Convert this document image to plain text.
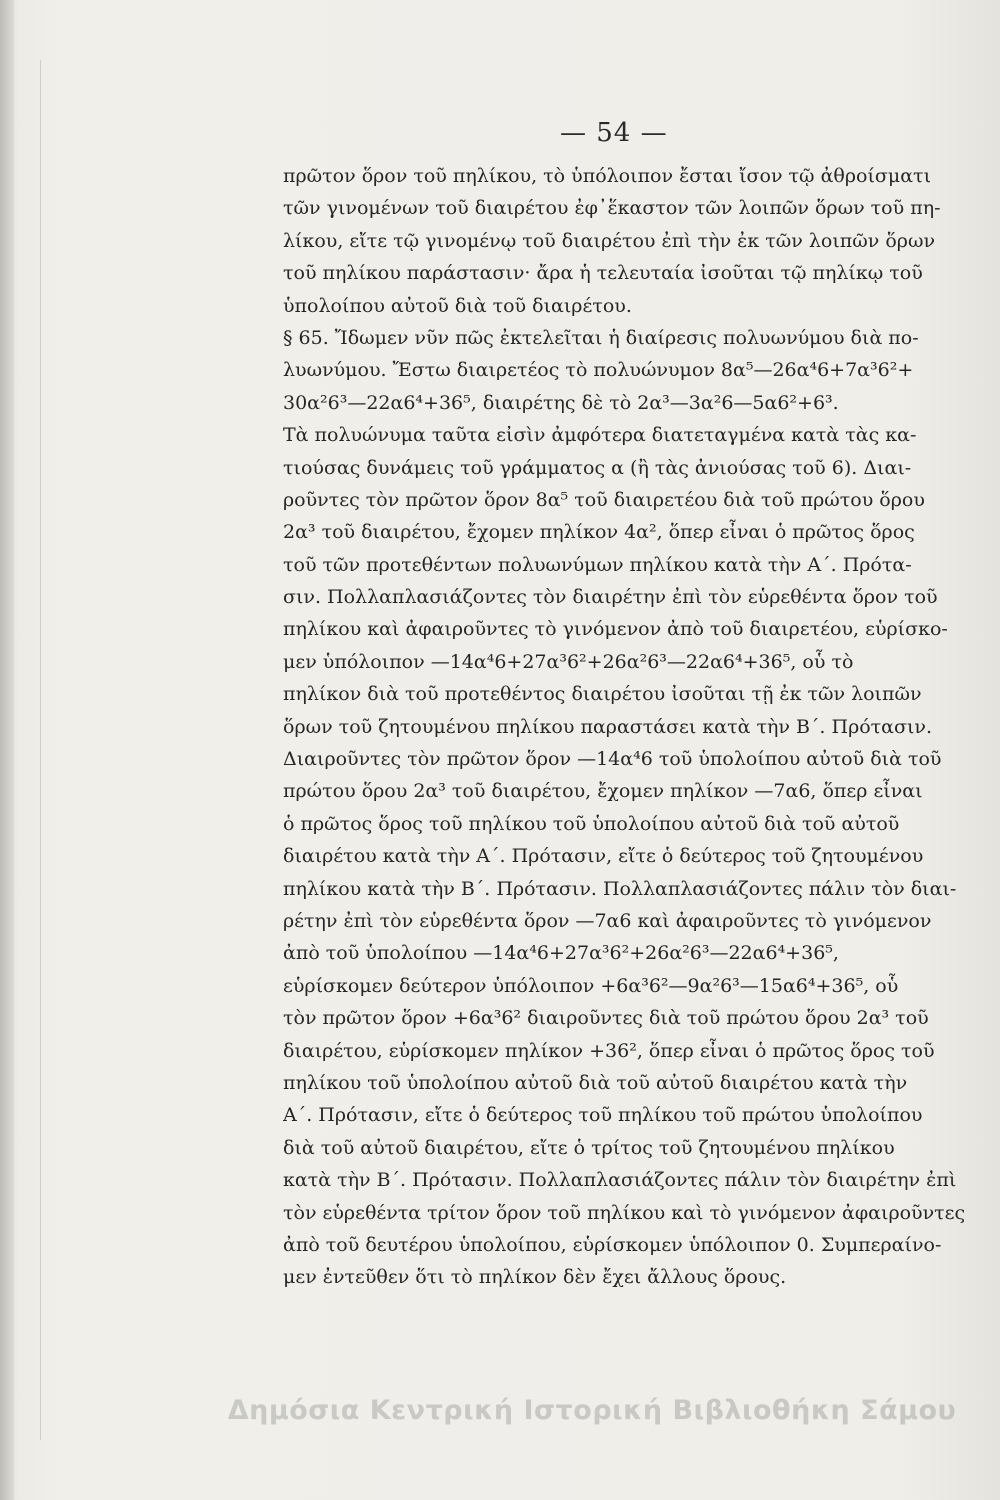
— 54 —
πρῶτον ὅρον τοῦ πηλίκου, τὸ ὑπόλοιπον ἔσται ἴσον τῷ ἀθροίσματι
τῶν γινομένων τοῦ διαιρέτου ἐφ᾽ἕκαστον τῶν λοιπῶν ὅρων τοῦ πη-
λίκου, εἴτε τῷ γινομένῳ τοῦ διαιρέτου ἐπὶ τὴν ἐκ τῶν λοιπῶν ὅρων
τοῦ πηλίκου παράστασιν· ἄρα ἡ τελευταία ἰσοῦται τῷ πηλίκῳ τοῦ
ὑπολοίπου αὐτοῦ διὰ τοῦ διαιρέτου.
§ 65. Ἴδωμεν νῦν πῶς ἐκτελεῖται ἡ διαίρεσις πολυωνύμου διὰ πο-
λυωνύμου. Ἔστω διαιρετέος τὸ πολυώνυμον 8α⁵—26α⁴6+7α³6²+
30α²6³—22α6⁴+36⁵, διαιρέτης δὲ τὸ 2α³—3α²6—5α6²+6³.
Τὰ πολυώνυμα ταῦτα εἰσὶν ἀμφότερα διατεταγμένα κατὰ τὰς κα-
τιούσας δυνάμεις τοῦ γράμματος α (ἢ τὰς ἀνιούσας τοῦ 6). Διαι-
ροῦντες τὸν πρῶτον ὅρον 8α⁵ τοῦ διαιρετέου διὰ τοῦ πρώτου ὅρου
2α³ τοῦ διαιρέτου, ἔχομεν πηλίκον 4α², ὅπερ εἶναι ὁ πρῶτος ὅρος
τοῦ τῶν προτεθέντων πολυωνύμων πηλίκου κατὰ τὴν Α΄. Πρότα-
σιν. Πολλαπλασιάζοντες τὸν διαιρέτην ἐπὶ τὸν εὑρεθέντα ὅρον τοῦ
πηλίκου καὶ ἀφαιροῦντες τὸ γινόμενον ἀπὸ τοῦ διαιρετέου, εὑρίσκο-
μεν ὑπόλοιπον —14α⁴6+27α³6²+26α²6³—22α6⁴+36⁵, οὗ τὸ
πηλίκον διὰ τοῦ προτεθέντος διαιρέτου ἰσοῦται τῇ ἐκ τῶν λοιπῶν
ὅρων τοῦ ζητουμένου πηλίκου παραστάσει κατὰ τὴν Β΄. Πρότασιν.
Διαιροῦντες τὸν πρῶτον ὅρον —14α⁴6 τοῦ ὑπολοίπου αὐτοῦ διὰ τοῦ
πρώτου ὅρου 2α³ τοῦ διαιρέτου, ἔχομεν πηλίκον —7α6, ὅπερ εἶναι
ὁ πρῶτος ὅρος τοῦ πηλίκου τοῦ ὑπολοίπου αὐτοῦ διὰ τοῦ αὐτοῦ
διαιρέτου κατὰ τὴν Α΄. Πρότασιν, εἴτε ὁ δεύτερος τοῦ ζητουμένου
πηλίκου κατὰ τὴν Β΄. Πρότασιν. Πολλαπλασιάζοντες πάλιν τὸν διαι-
ρέτην ἐπὶ τὸν εὑρεθέντα ὅρον —7α6 καὶ ἀφαιροῦντες τὸ γινόμενον
ἀπὸ τοῦ ὑπολοίπου —14α⁴6+27α³6²+26α²6³—22α6⁴+36⁵,
εὑρίσκομεν δεύτερον ὑπόλοιπον +6α³6²—9α²6³—15α6⁴+36⁵, οὗ
τὸν πρῶτον ὅρον +6α³6² διαιροῦντες διὰ τοῦ πρώτου ὅρου 2α³ τοῦ
διαιρέτου, εὑρίσκομεν πηλίκον +36², ὅπερ εἶναι ὁ πρῶτος ὅρος τοῦ
πηλίκου τοῦ ὑπολοίπου αὐτοῦ διὰ τοῦ αὐτοῦ διαιρέτου κατὰ τὴν
Α΄. Πρότασιν, εἴτε ὁ δεύτερος τοῦ πηλίκου τοῦ πρώτου ὑπολοίπου
διὰ τοῦ αὐτοῦ διαιρέτου, εἴτε ὁ τρίτος τοῦ ζητουμένου πηλίκου
κατὰ τὴν Β΄. Πρότασιν. Πολλαπλασιάζοντες πάλιν τὸν διαιρέτην ἐπὶ
τὸν εὑρεθέντα τρίτον ὅρον τοῦ πηλίκου καὶ τὸ γινόμενον ἀφαιροῦντες
ἀπὸ τοῦ δευτέρου ὑπολοίπου, εὑρίσκομεν ὑπόλοιπον 0. Συμπεραίνο-
μεν ἐντεῦθεν ὅτι τὸ πηλίκον δὲν ἔχει ἄλλους ὅρους.
Δημόσια Κεντρική Ιστορική Βιβλιοθήκη Σάμου
